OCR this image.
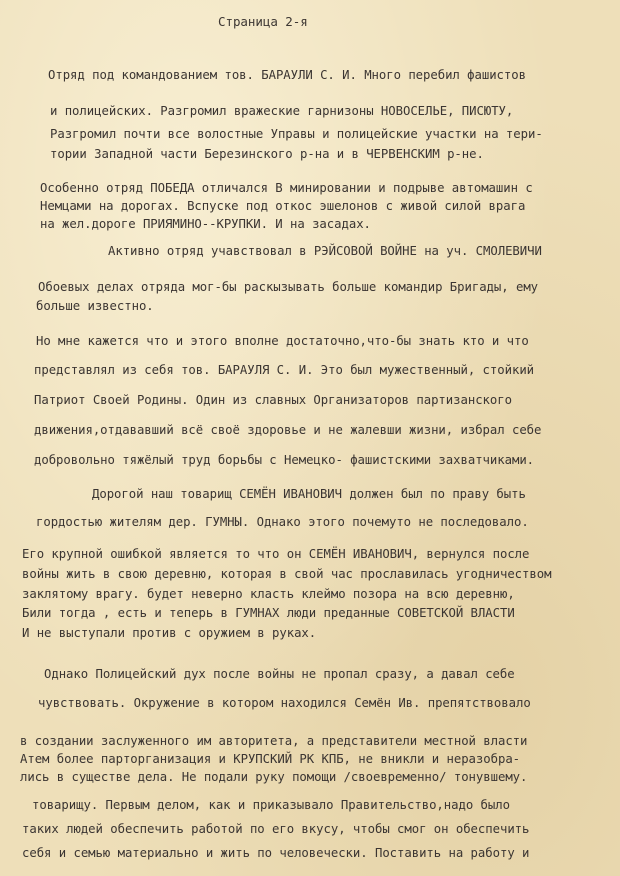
Страница 2-я
Отряд под командованием тов. БАРАУЛИ С. И. Много перебил фашистов
и полицейских. Разгромил вражеские гарнизоны НОВОСЕЛЬЕ, ПИСЮТУ,
Разгромил почти все волостные Управы и полицейские участки на тери-
тории Западной части Березинского р-на и в ЧЕРВЕНСКИМ р-не.
Особенно отряд ПОБЕДА отличался В минировании и подрыве автомашин с
Немцами на дорогах. Вспуске под откос эшелонов с живой силой врага
на жел.дороге ПРИЯМИНО--КРУПКИ. И на засадах.
Активно отряд учавствовал в РЭЙСОВОЙ ВОЙНЕ на уч. СМОЛЕВИЧИ
Обоевых делах отряда мог-бы раскызывать больше командир Бригады, ему
больше известно.
Но мне кажется что и этого вполне достаточно,что-бы знать кто и что
представлял из себя тов. БАРАУЛЯ С. И. Это был мужественный, стойкий
Патриот Своей Родины. Один из славных Организаторов партизанского
движения,отдававший всё своё здоровье и не жалевши жизни, избрал себе
добровольно тяжёлый труд борьбы с Немецко- фашистскими захватчиками.
Дорогой наш товарищ СЕМЁН ИВАНОВИЧ должен был по праву быть
гордостью жителям дер. ГУМНЫ. Однако этого почемуто не последовало.
Его крупной ошибкой является то что он СЕМЁН ИВАНОВИЧ, вернулся после
войны жить в свою деревню, которая в свой час прославилась угодничеством
заклятому врагу. будет неверно класть клеймо позора на всю деревню,
Били тогда , есть и теперь в ГУМНАХ люди преданные СОВЕТСКОЙ ВЛАСТИ
И не выступали против с оружием в руках.
Однако Полицейский дух после войны не пропал сразу, а давал себе
чувствовать. Окружение в котором находился Семён Ив. препятствовало
в создании заслуженного им авторитета, а представители местной власти
Атем более парторганизация и КРУПСКИЙ РК КПБ, не вникли и неразобра-
лись в существе дела. Не подали руку помощи /своевременно/ тонувшему.
товарищу. Первым делом, как и приказывало Правительство,надо было
таких людей обеспечить работой по его вкусу, чтобы смог он обеспечить
себя и семью материально и жить по человечески. Поставить на работу и
